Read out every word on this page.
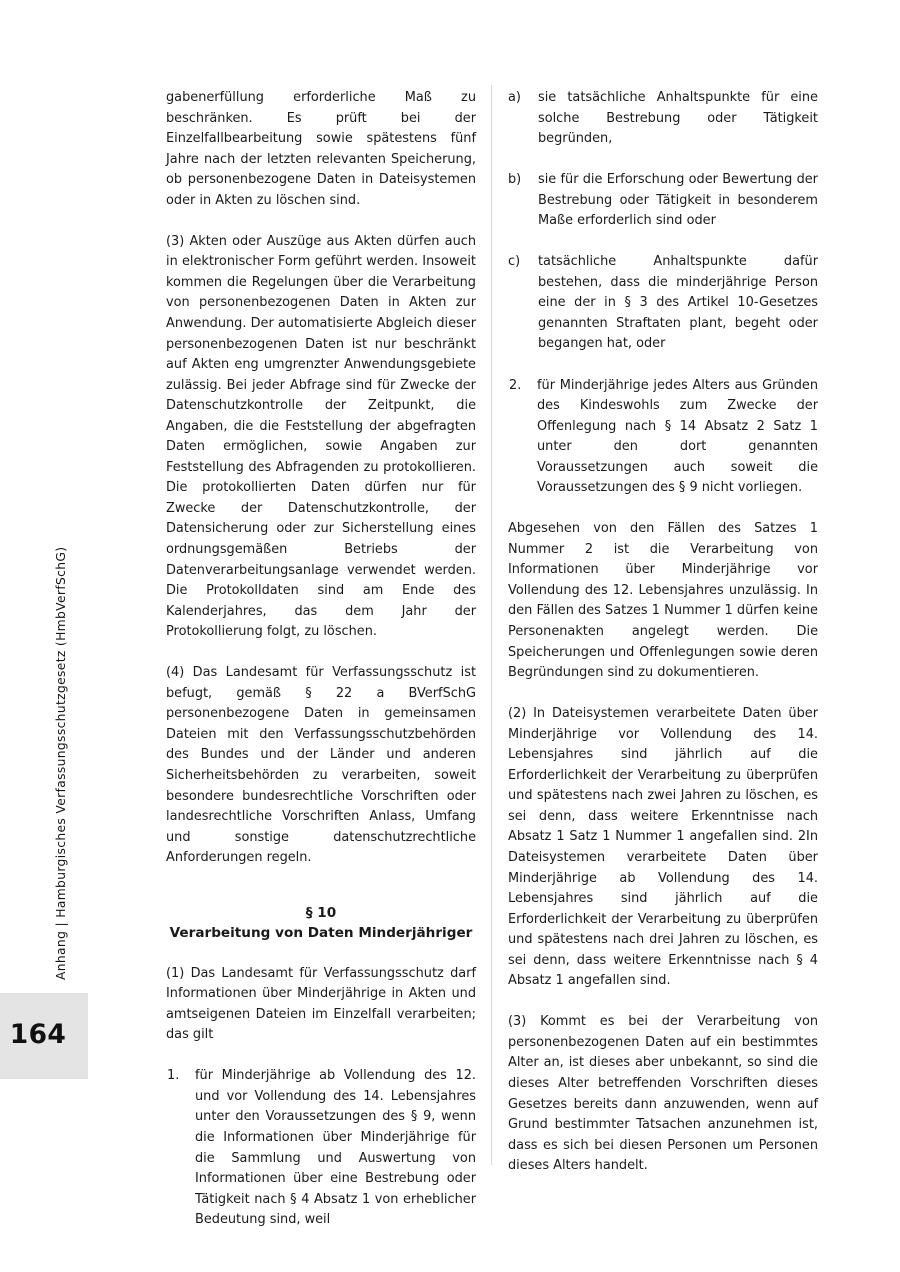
Anhang | Hamburgisches Verfassungsschutzgesetz (HmbVerfSchG)
164

gabenerfüllung erforderliche Maß zu beschränken. Es prüft bei der Einzelfallbearbeitung sowie spätestens fünf Jahre nach der letzten relevanten Speicherung, ob personenbezogene Daten in Dateisystemen oder in Akten zu löschen sind.

(3) Akten oder Auszüge aus Akten dürfen auch in elektronischer Form geführt werden. Insoweit kommen die Regelungen über die Verarbeitung von personenbezogenen Daten in Akten zur Anwendung. Der automatisierte Abgleich dieser personenbezogenen Daten ist nur beschränkt auf Akten eng umgrenzter Anwendungsgebiete zulässig. Bei jeder Abfrage sind für Zwecke der Datenschutzkontrolle der Zeitpunkt, die Angaben, die die Feststellung der abgefragten Daten ermöglichen, sowie Angaben zur Feststellung des Abfragenden zu protokollieren. Die protokollierten Daten dürfen nur für Zwecke der Datenschutzkontrolle, der Datensicherung oder zur Sicherstellung eines ordnungsgemäßen Betriebs der Datenverarbeitungsanlage verwendet werden. Die Protokolldaten sind am Ende des Kalenderjahres, das dem Jahr der Protokollierung folgt, zu löschen.

(4) Das Landesamt für Verfassungsschutz ist befugt, gemäß § 22 a BVerfSchG personenbezogene Daten in gemeinsamen Dateien mit den Verfassungsschutzbehörden des Bundes und der Länder und anderen Sicherheitsbehörden zu verarbeiten, soweit besondere bundesrechtliche Vorschriften oder landesrechtliche Vorschriften Anlass, Umfang und sonstige datenschutzrechtliche Anforderungen regeln.

§ 10
Verarbeitung von Daten Minderjähriger

(1) Das Landesamt für Verfassungsschutz darf Informationen über Minderjährige in Akten und amtseigenen Dateien im Einzelfall verarbeiten; das gilt

1.	für Minderjährige ab Vollendung des 12. und vor Vollendung des 14. Lebensjahres unter den Voraussetzungen des § 9, wenn die Informationen über Minderjährige für die Sammlung und Auswertung von Informationen über eine Bestrebung oder Tätigkeit nach § 4 Absatz 1 von erheblicher Bedeutung sind, weil
a)	sie tatsächliche Anhaltspunkte für eine solche Bestrebung oder Tätigkeit begründen,
b)	sie für die Erforschung oder Bewertung der Bestrebung oder Tätigkeit in besonderem Maße erforderlich sind oder
c)	tatsächliche Anhaltspunkte dafür bestehen, dass die minderjährige Person eine der in § 3 des Artikel 10-Gesetzes genannten Straftaten plant, begeht oder begangen hat, oder
2.	für Minderjährige jedes Alters aus Gründen des Kindeswohls zum Zwecke der Offenlegung nach § 14 Absatz 2 Satz 1 unter den dort genannten Voraussetzungen auch soweit die Voraussetzungen des § 9 nicht vorliegen.

Abgesehen von den Fällen des Satzes 1 Nummer 2 ist die Verarbeitung von Informationen über Minderjährige vor Vollendung des 12. Lebensjahres unzulässig. In den Fällen des Satzes 1 Nummer 1 dürfen keine Personenakten angelegt werden. Die Speicherungen und Offenlegungen sowie deren Begründungen sind zu dokumentieren.

(2) In Dateisystemen verarbeitete Daten über Minderjährige vor Vollendung des 14. Lebensjahres sind jährlich auf die Erforderlichkeit der Verarbeitung zu überprüfen und spätestens nach zwei Jahren zu löschen, es sei denn, dass weitere Erkenntnisse nach Absatz 1 Satz 1 Nummer 1 angefallen sind. 2In Dateisystemen verarbeitete Daten über Minderjährige ab Vollendung des 14. Lebensjahres sind jährlich auf die Erforderlichkeit der Verarbeitung zu überprüfen und spätestens nach drei Jahren zu löschen, es sei denn, dass weitere Erkenntnisse nach § 4 Absatz 1 angefallen sind.

(3) Kommt es bei der Verarbeitung von personenbezogenen Daten auf ein bestimmtes Alter an, ist dieses aber unbekannt, so sind die dieses Alter betreffenden Vorschriften dieses Gesetzes bereits dann anzuwenden, wenn auf Grund bestimmter Tatsachen anzunehmen ist, dass es sich bei diesen Personen um Personen dieses Alters handelt.
